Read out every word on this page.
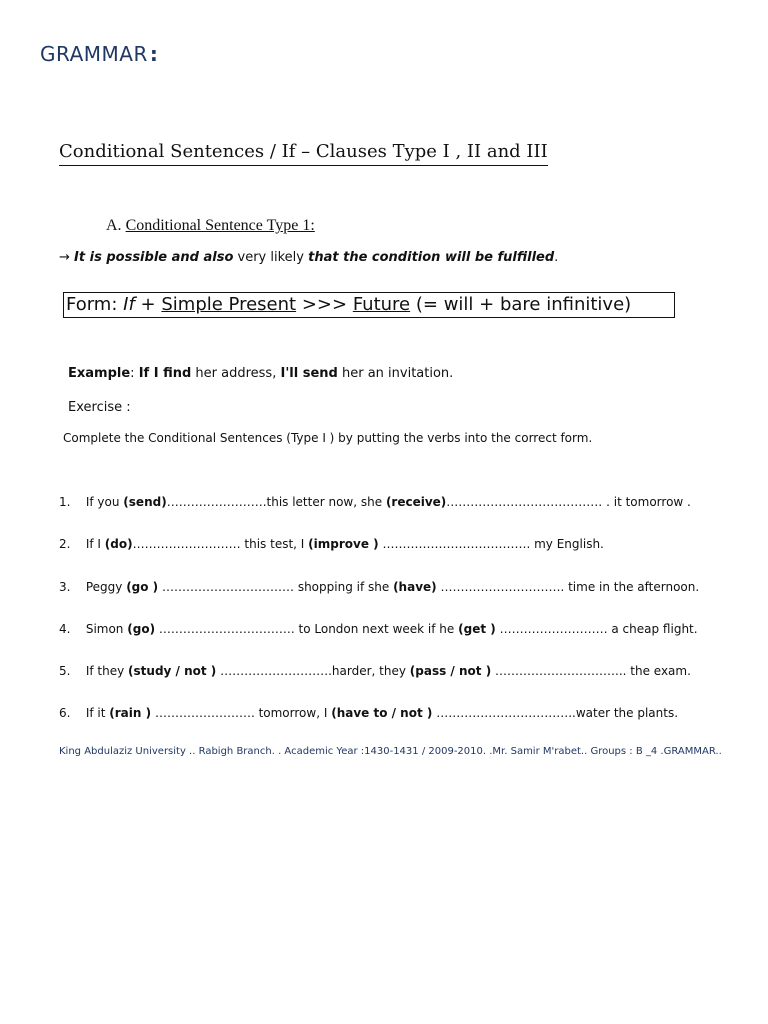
GRAMMAR :
Conditional Sentences / If – Clauses Type I , II and III
A. Conditional Sentence Type 1:
→ It is possible and also very likely that the condition will be fulfilled.
Form: If + Simple Present >>> Future (= will + bare infinitive)
Example: If I find her address, I'll send her an invitation.
Exercise :
Complete the Conditional Sentences (Type I ) by putting the verbs into the correct form.
1. If you (send)…………………….this letter now, she (receive)………………………………… . it tomorrow .
2. If I (do)……………………… this test, I (improve ) ………………………………. my English.
3. Peggy (go ) …………………………… shopping if she (have) …………………………. time in the afternoon.
4. Simon (go) ……………………………. to London next week if he (get ) ……………………… a cheap flight.
5. If they (study / not ) ……………………….harder, they (pass / not ) …………………………... the exam.
6. If it (rain ) ……………………. tomorrow, I (have to / not ) ……………………………..water the plants.
King Abdulaziz University .. Rabigh Branch. . Academic Year :1430-1431 / 2009-2010. .Mr. Samir M'rabet.. Groups : B _4 .GRAMMAR..
